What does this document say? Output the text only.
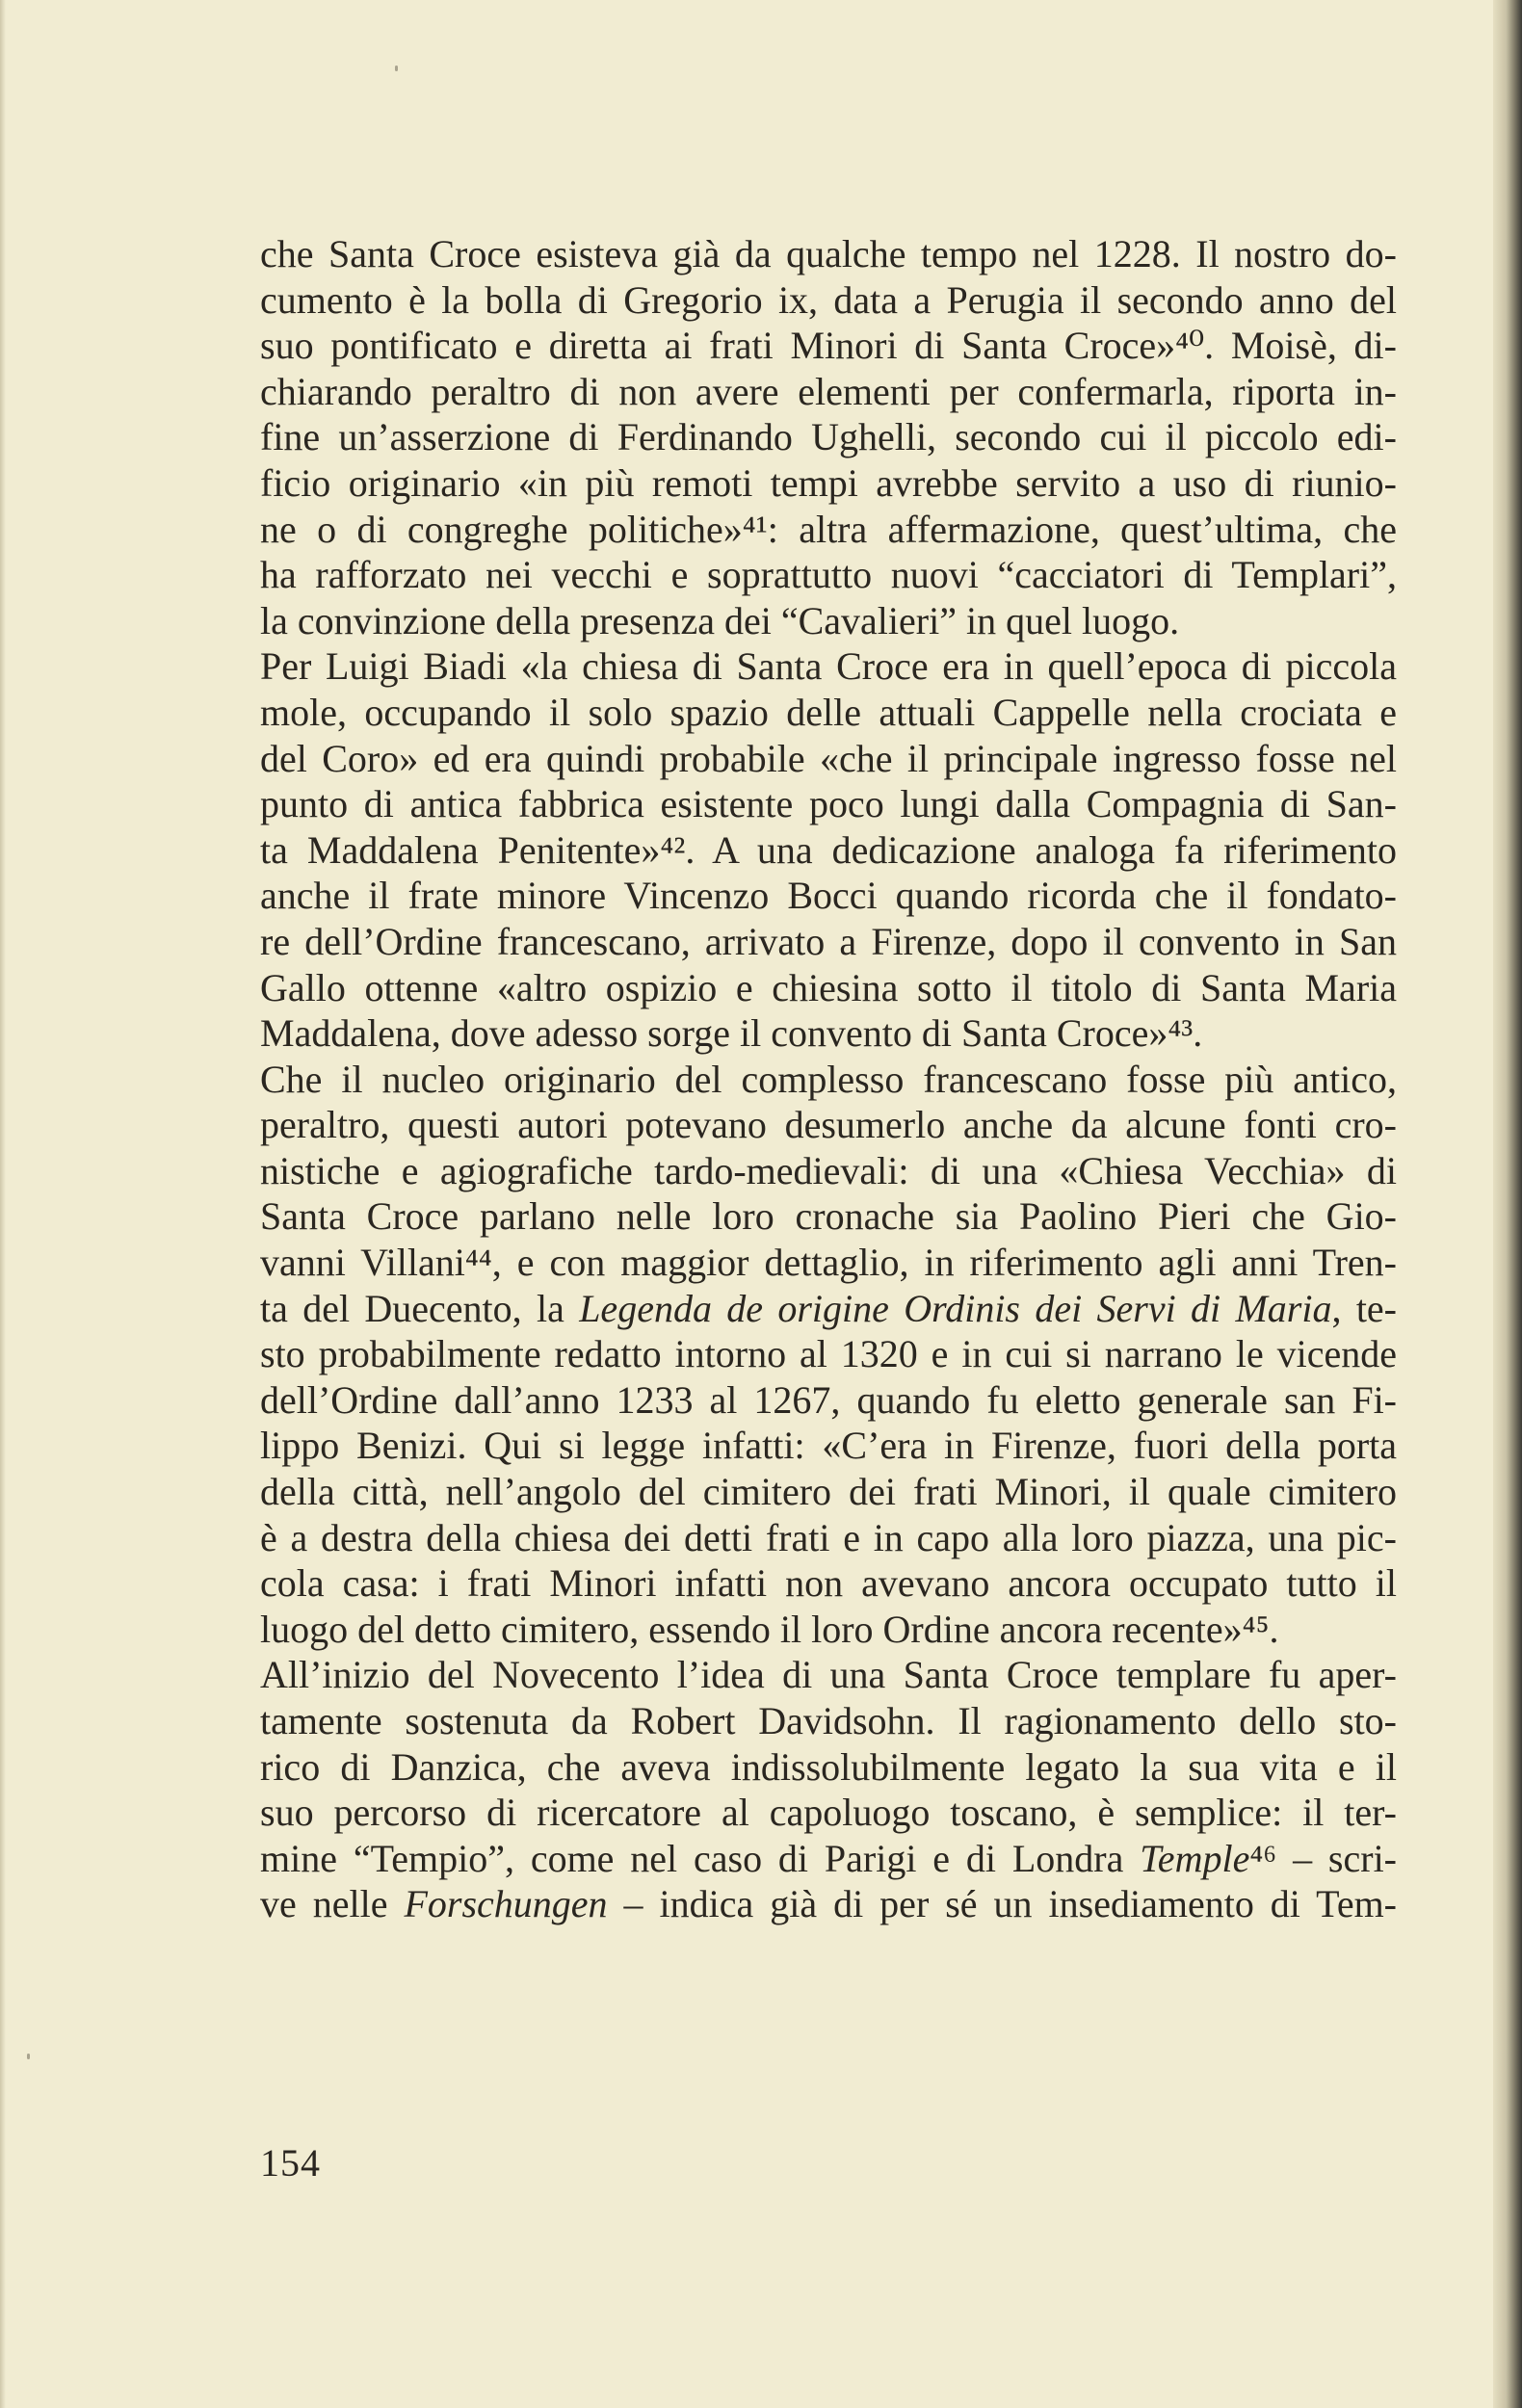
che Santa Croce esisteva già da qualche tempo nel 1228. Il nostro do-
cumento è la bolla di Gregorio ix, data a Perugia il secondo anno del
suo pontificato e diretta ai frati Minori di Santa Croce»⁴⁰. Moisè, di-
chiarando peraltro di non avere elementi per confermarla, riporta in-
fine un’asserzione di Ferdinando Ughelli, secondo cui il piccolo edi-
ficio originario «in più remoti tempi avrebbe servito a uso di riunio-
ne o di congreghe politiche»⁴¹: altra affermazione, quest’ultima, che
ha rafforzato nei vecchi e soprattutto nuovi “cacciatori di Templari”,
la convinzione della presenza dei “Cavalieri” in quel luogo.
Per Luigi Biadi «la chiesa di Santa Croce era in quell’epoca di piccola
mole, occupando il solo spazio delle attuali Cappelle nella crociata e
del Coro» ed era quindi probabile «che il principale ingresso fosse nel
punto di antica fabbrica esistente poco lungi dalla Compagnia di San-
ta Maddalena Penitente»⁴². A una dedicazione analoga fa riferimento
anche il frate minore Vincenzo Bocci quando ricorda che il fondato-
re dell’Ordine francescano, arrivato a Firenze, dopo il convento in San
Gallo ottenne «altro ospizio e chiesina sotto il titolo di Santa Maria
Maddalena, dove adesso sorge il convento di Santa Croce»⁴³.
Che il nucleo originario del complesso francescano fosse più antico,
peraltro, questi autori potevano desumerlo anche da alcune fonti cro-
nistiche e agiografiche tardo-medievali: di una «Chiesa Vecchia» di
Santa Croce parlano nelle loro cronache sia Paolino Pieri che Gio-
vanni Villani⁴⁴, e con maggior dettaglio, in riferimento agli anni Tren-
ta del Duecento, la Legenda de origine Ordinis dei Servi di Maria, te-
sto probabilmente redatto intorno al 1320 e in cui si narrano le vicende
dell’Ordine dall’anno 1233 al 1267, quando fu eletto generale san Fi-
lippo Benizi. Qui si legge infatti: «C’era in Firenze, fuori della porta
della città, nell’angolo del cimitero dei frati Minori, il quale cimitero
è a destra della chiesa dei detti frati e in capo alla loro piazza, una pic-
cola casa: i frati Minori infatti non avevano ancora occupato tutto il
luogo del detto cimitero, essendo il loro Ordine ancora recente»⁴⁵.
All’inizio del Novecento l’idea di una Santa Croce templare fu aper-
tamente sostenuta da Robert Davidsohn. Il ragionamento dello sto-
rico di Danzica, che aveva indissolubilmente legato la sua vita e il
suo percorso di ricercatore al capoluogo toscano, è semplice: il ter-
mine “Tempio”, come nel caso di Parigi e di Londra Temple⁴⁶ – scri-
ve nelle Forschungen – indica già di per sé un insediamento di Tem-
154
